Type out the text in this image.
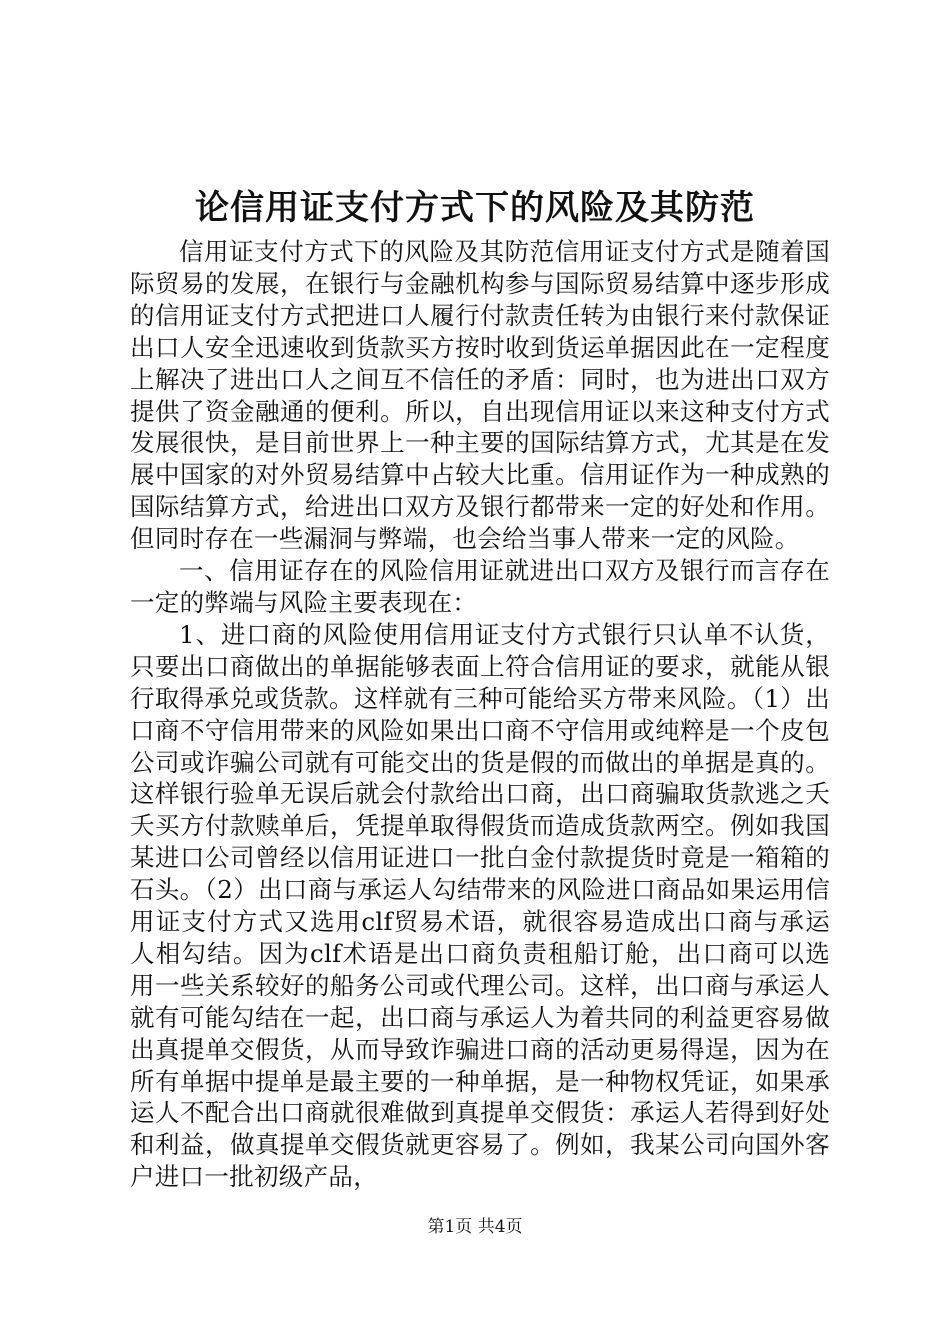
论信用证支付方式下的风险及其防范

信用证支付方式下的风险及其防范信用证支付方式是随着国际贸易的发展，在银行与金融机构参与国际贸易结算中逐步形成的信用证支付方式把进口人履行付款责任转为由银行来付款保证出口人安全迅速收到货款买方按时收到货运单据因此在一定程度上解决了进出口人之间互不信任的矛盾：同时，也为进出口双方提供了资金融通的便利。所以，自出现信用证以来这种支付方式发展很快，是目前世界上一种主要的国际结算方式，尤其是在发展中国家的对外贸易结算中占较大比重。信用证作为一种成熟的国际结算方式，给进出口双方及银行都带来一定的好处和作用。但同时存在一些漏洞与弊端，也会给当事人带来一定的风险。

一、信用证存在的风险信用证就进出口双方及银行而言存在一定的弊端与风险主要表现在：

1、进口商的风险使用信用证支付方式银行只认单不认货，只要出口商做出的单据能够表面上符合信用证的要求，就能从银行取得承兑或货款。这样就有三种可能给买方带来风险。（1）出口商不守信用带来的风险如果出口商不守信用或纯粹是一个皮包公司或诈骗公司就有可能交出的货是假的而做出的单据是真的。这样银行验单无误后就会付款给出口商，出口商骗取货款逃之夭夭买方付款赎单后，凭提单取得假货而造成货款两空。例如我国某进口公司曾经以信用证进口一批白金付款提货时竟是一箱箱的石头。（2）出口商与承运人勾结带来的风险进口商品如果运用信用证支付方式又选用clf贸易术语，就很容易造成出口商与承运人相勾结。因为clf术语是出口商负责租船订舱，出口商可以选用一些关系较好的船务公司或代理公司。这样，出口商与承运人就有可能勾结在一起，出口商与承运人为着共同的利益更容易做出真提单交假货，从而导致诈骗进口商的活动更易得逞，因为在所有单据中提单是最主要的一种单据，是一种物权凭证，如果承运人不配合出口商就很难做到真提单交假货：承运人若得到好处和利益，做真提单交假货就更容易了。例如，我某公司向国外客户进口一批初级产品，

第1页 共4页
